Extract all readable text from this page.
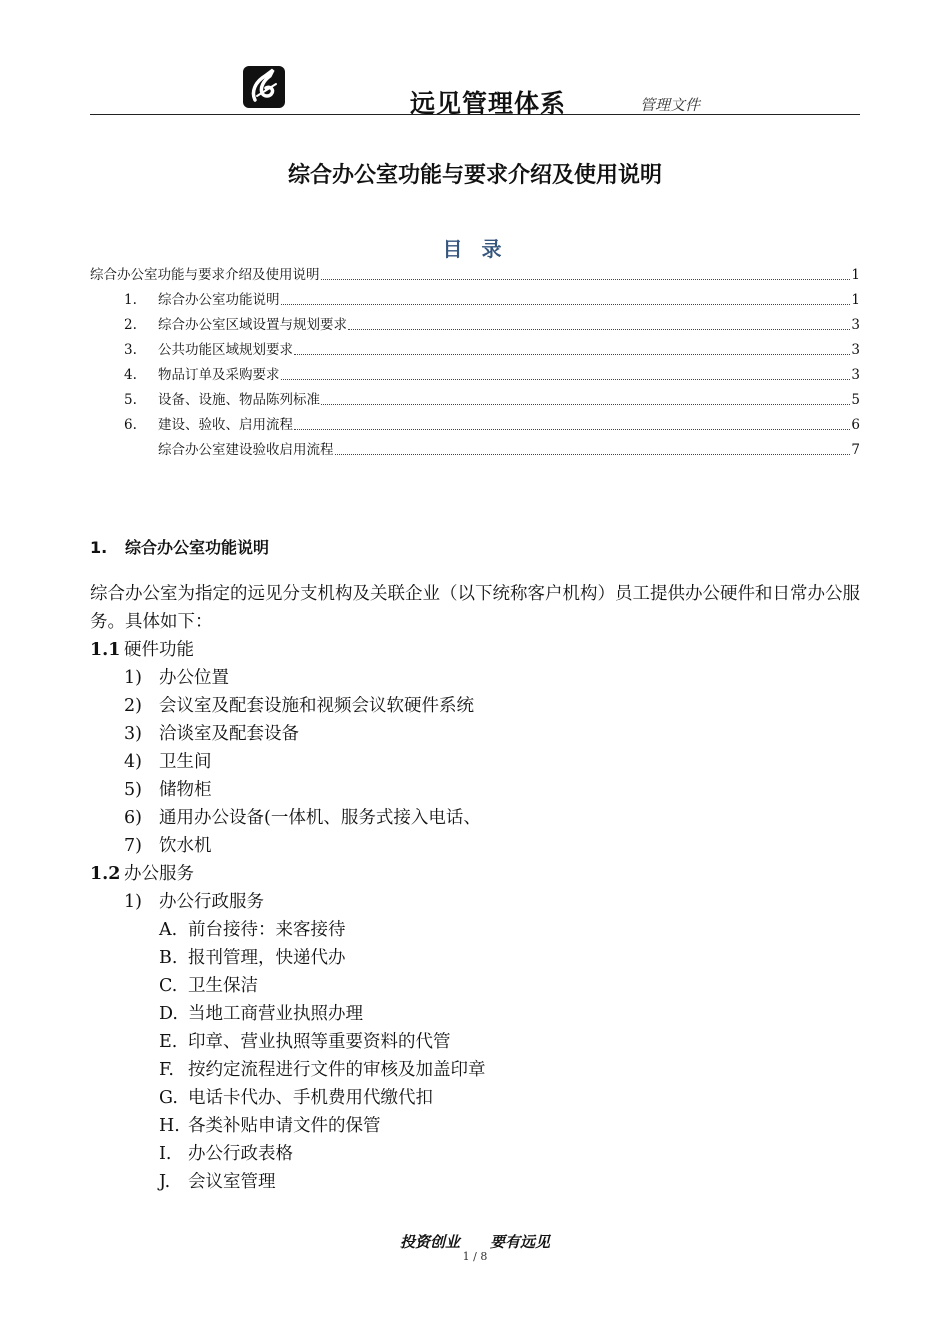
远见管理体系	管理文件
综合办公室功能与要求介绍及使用说明
目 录
综合办公室功能与要求介绍及使用说明	1
1.	综合办公室功能说明	1
2.	综合办公室区域设置与规划要求	3
3.	公共功能区域规划要求	3
4.	物品订单及采购要求	3
5.	设备、设施、物品陈列标准	5
6.	建设、验收、启用流程	6
综合办公室建设验收启用流程	7
1. 综合办公室功能说明
综合办公室为指定的远见分支机构及关联企业（以下统称客户机构）员工提供办公硬件和日常办公服务。具体如下：
1.1 硬件功能
1) 办公位置
2) 会议室及配套设施和视频会议软硬件系统
3) 洽谈室及配套设备
4) 卫生间
5) 储物柜
6) 通用办公设备(一体机、服务式接入电话、
7) 饮水机
1.2 办公服务
1) 办公行政服务
A. 前台接待：来客接待
B. 报刊管理，快递代办
C. 卫生保洁
D. 当地工商营业执照办理
E. 印章、营业执照等重要资料的代管
F. 按约定流程进行文件的审核及加盖印章
G. 电话卡代办、手机费用代缴代扣
H. 各类补贴申请文件的保管
I. 办公行政表格
J. 会议室管理
投资创业 要有远见
1 / 8
